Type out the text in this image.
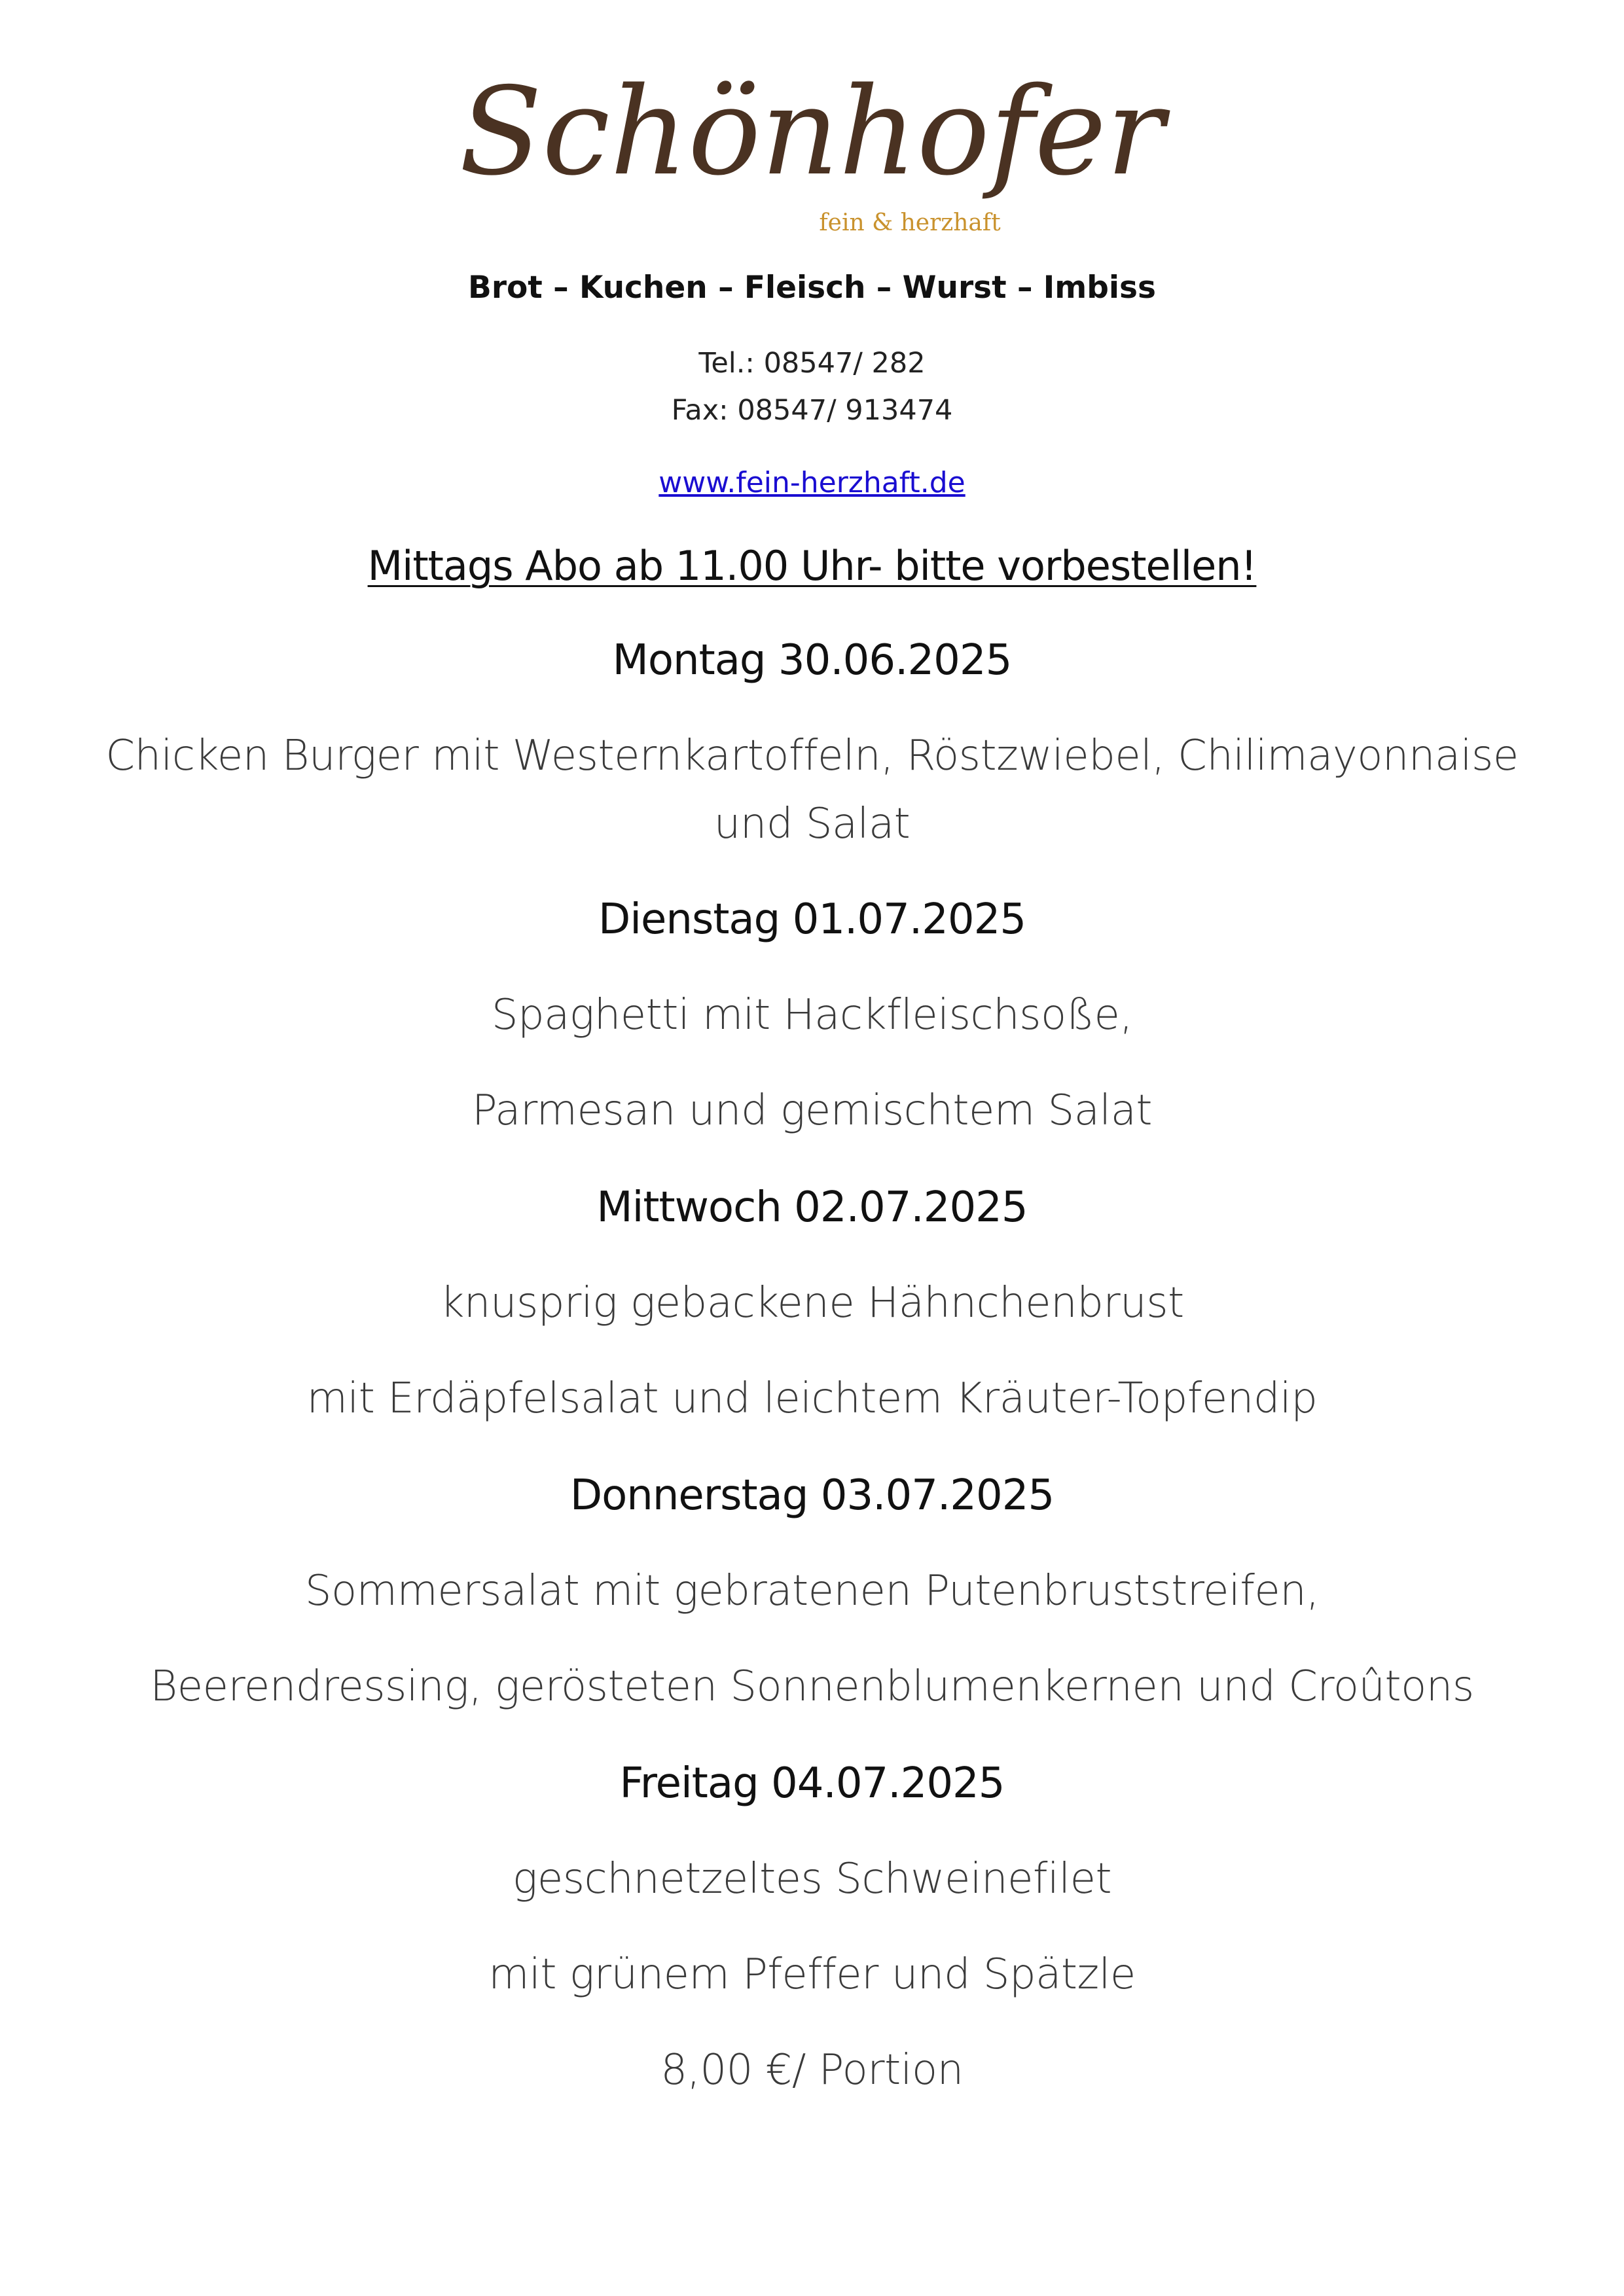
Schönhofer
fein & herzhaft
Brot – Kuchen – Fleisch – Wurst – Imbiss
Tel.: 08547/ 282
Fax: 08547/ 913474
www.fein-herzhaft.de
Mittags Abo ab 11.00 Uhr- bitte vorbestellen!
Montag 30.06.2025
Chicken Burger mit Westernkartoffeln, Röstzwiebel, Chilimayonnaise
und Salat
Dienstag 01.07.2025
Spaghetti mit Hackfleischsoße,
Parmesan und gemischtem Salat
Mittwoch 02.07.2025
knusprig gebackene Hähnchenbrust
mit Erdäpfelsalat und leichtem Kräuter-Topfendip
Donnerstag 03.07.2025
Sommersalat mit gebratenen Putenbruststreifen,
Beerendressing, gerösteten Sonnenblumenkernen und Croûtons
Freitag 04.07.2025
geschnetzeltes Schweinefilet
mit grünem Pfeffer und Spätzle
8,00 €/ Portion
